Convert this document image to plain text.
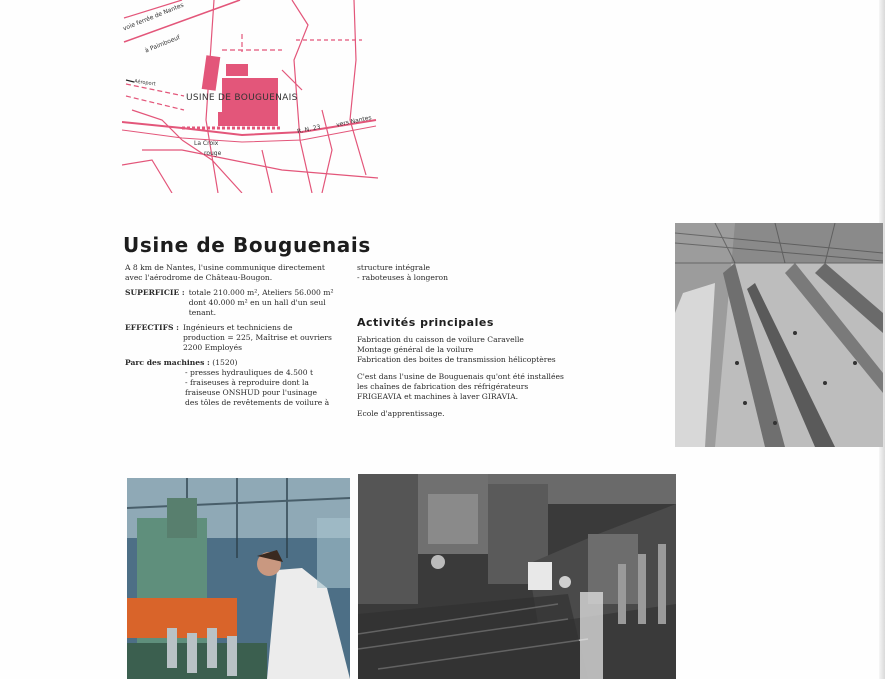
voie ferrée de Nantes
à Paimboeuf
Aéroport
USINE DE BOUGUENAIS
vers Nantes
R. N. 23
La Croix
rouge
Usine de Bouguenais

A 8 km de Nantes, l'usine communique directement avec l'aérodrome de Château-Bougon.

SUPERFICIE : totale 210.000 m², Ateliers 56.000 m² dont 40.000 m² en un hall d'un seul tenant.
EFFECTIFS : Ingénieurs et techniciens de production = 225, Maîtrise et ouvriers 2200 Employés
Parc des machines : (1520)
- presses hydrauliques de 4.500 t
- fraiseuses à reproduire dont la
fraiseuse ONSHUD pour l'usinage
des tôles de revêtements de voilure à
structure intégrale
- raboteuses à longeron
Activités principales
Fabrication du caisson de voilure Caravelle
Montage général de la voilure
Fabrication des boites de transmission hélicoptères

C'est dans l'usine de Bouguenais qu'ont été installées les chaînes de fabrication des réfrigérateurs FRIGEAVIA et machines à laver GIRAVIA.

Ecole d'apprentissage.
